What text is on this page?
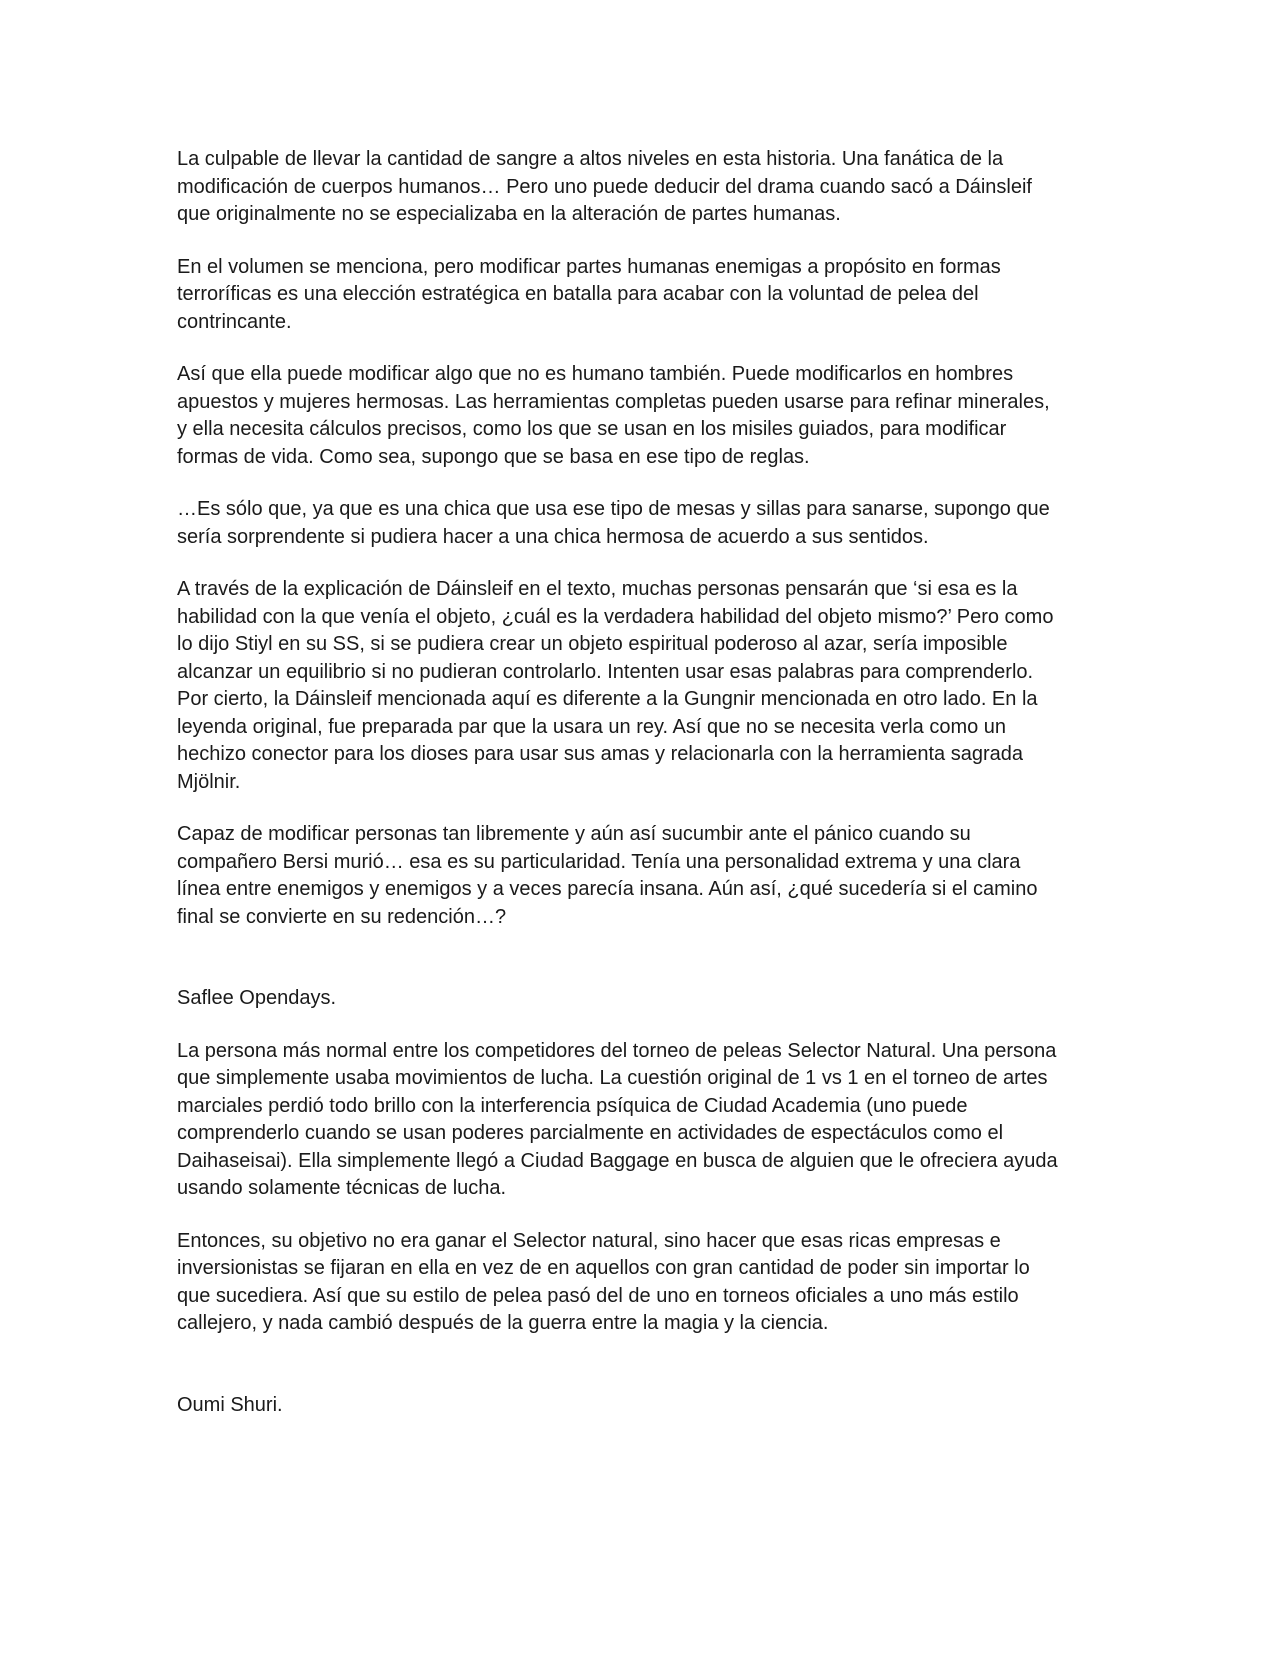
La culpable de llevar la cantidad de sangre a altos niveles en esta historia. Una fanática de la
modificación de cuerpos humanos… Pero uno puede deducir del drama cuando sacó a Dáinsleif
que originalmente no se especializaba en la alteración de partes humanas.

En el volumen se menciona, pero modificar partes humanas enemigas a propósito en formas
terroríficas es una elección estratégica en batalla para acabar con la voluntad de pelea del
contrincante.

Así que ella puede modificar algo que no es humano también. Puede modificarlos en hombres
apuestos y mujeres hermosas. Las herramientas completas pueden usarse para refinar minerales,
y ella necesita cálculos precisos, como los que se usan en los misiles guiados, para modificar
formas de vida. Como sea, supongo que se basa en ese tipo de reglas.

…Es sólo que, ya que es una chica que usa ese tipo de mesas y sillas para sanarse, supongo que
sería sorprendente si pudiera hacer a una chica hermosa de acuerdo a sus sentidos.

A través de la explicación de Dáinsleif en el texto, muchas personas pensarán que ‘si esa es la
habilidad con la que venía el objeto, ¿cuál es la verdadera habilidad del objeto mismo?’ Pero como
lo dijo Stiyl en su SS, si se pudiera crear un objeto espiritual poderoso al azar, sería imposible
alcanzar un equilibrio si no pudieran controlarlo. Intenten usar esas palabras para comprenderlo.
Por cierto, la Dáinsleif mencionada aquí es diferente a la Gungnir mencionada en otro lado. En la
leyenda original, fue preparada par que la usara un rey. Así que no se necesita verla como un
hechizo conector para los dioses para usar sus amas y relacionarla con la herramienta sagrada
Mjölnir.

Capaz de modificar personas tan libremente y aún así sucumbir ante el pánico cuando su
compañero Bersi murió… esa es su particularidad. Tenía una personalidad extrema y una clara
línea entre enemigos y enemigos y a veces parecía insana. Aún así, ¿qué sucedería si el camino
final se convierte en su redención…?

Saflee Opendays.

La persona más normal entre los competidores del torneo de peleas Selector Natural. Una persona
que simplemente usaba movimientos de lucha. La cuestión original de 1 vs 1 en el torneo de artes
marciales perdió todo brillo con la interferencia psíquica de Ciudad Academia (uno puede
comprenderlo cuando se usan poderes parcialmente en actividades de espectáculos como el
Daihaseisai). Ella simplemente llegó a Ciudad Baggage en busca de alguien que le ofreciera ayuda
usando solamente técnicas de lucha.

Entonces, su objetivo no era ganar el Selector natural, sino hacer que esas ricas empresas e
inversionistas se fijaran en ella en vez de en aquellos con gran cantidad de poder sin importar lo
que sucediera. Así que su estilo de pelea pasó del de uno en torneos oficiales a uno más estilo
callejero, y nada cambió después de la guerra entre la magia y la ciencia.

Oumi Shuri.
